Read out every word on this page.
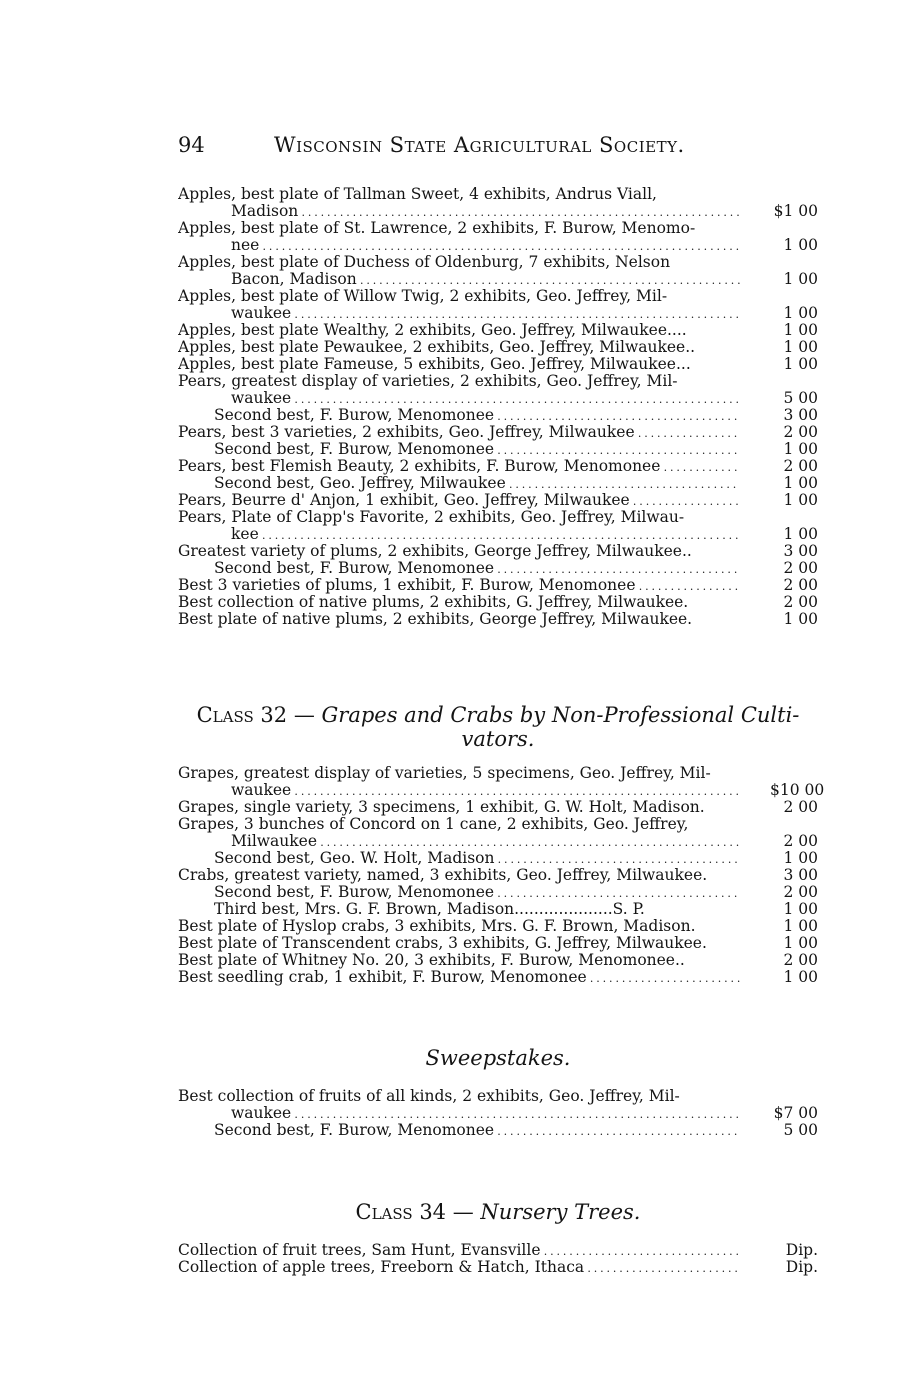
94	Wisconsin State Agricultural Society.
Apples, best plate of Tallman Sweet, 4 exhibits, Andrus Viall,
Madison . . .	$1 00
Apples, best plate of St. Lawrence, 2 exhibits, F. Burow, Menomo-
nee . . .	1 00
Apples, best plate of Duchess of Oldenburg, 7 exhibits, Nelson
Bacon, Madison . . .	1 00
Apples, best plate of Willow Twig, 2 exhibits, Geo. Jeffrey, Mil-
waukee . . .	1 00
Apples, best plate Wealthy, 2 exhibits, Geo. Jeffrey, Milwaukee....	1 00
Apples, best plate Pewaukee, 2 exhibits, Geo. Jeffrey, Milwaukee..	1 00
Apples, best plate Fameuse, 5 exhibits, Geo. Jeffrey, Milwaukee...	1 00
Pears, greatest display of varieties, 2 exhibits, Geo. Jeffrey, Mil-
waukee . . .	5 00
Second best, F. Burow, Menomonee . . .	3 00
Pears, best 3 varieties, 2 exhibits, Geo. Jeffrey, Milwaukee . . .	2 00
Second best, F. Burow, Menomonee . . .	1 00
Pears, best Flemish Beauty, 2 exhibits, F. Burow, Menomonee . . .	2 00
Second best, Geo. Jeffrey, Milwaukee . . .	1 00
Pears, Beurre d' Anjon, 1 exhibit, Geo. Jeffrey, Milwaukee . . .	1 00
Pears, Plate of Clapp's Favorite, 2 exhibits, Geo. Jeffrey, Milwau-
kee . . .	1 00
Greatest variety of plums, 2 exhibits, George Jeffrey, Milwaukee..	3 00
Second best, F. Burow, Menomonee . . .	2 00
Best 3 varieties of plums, 1 exhibit, F. Burow, Menomonee . . .	2 00
Best collection of native plums, 2 exhibits, G. Jeffrey, Milwaukee.	2 00
Best plate of native plums, 2 exhibits, George Jeffrey, Milwaukee.	1 00
Class 32 — Grapes and Crabs by Non-Professional Culti-
vators.
Grapes, greatest display of varieties, 5 specimens, Geo. Jeffrey, Mil-
waukee . . .	$10 00
Grapes, single variety, 3 specimens, 1 exhibit, G. W. Holt, Madison.	2 00
Grapes, 3 bunches of Concord on 1 cane, 2 exhibits, Geo. Jeffrey,
Milwaukee . . .	2 00
Second best, Geo. W. Holt, Madison . . .	1 00
Crabs, greatest variety, named, 3 exhibits, Geo. Jeffrey, Milwaukee.	3 00
Second best, F. Burow, Menomonee . . .	2 00
Third best, Mrs. G. F. Brown, Madison....................S. P.	1 00
Best plate of Hyslop crabs, 3 exhibits, Mrs. G. F. Brown, Madison.	1 00
Best plate of Transcendent crabs, 3 exhibits, G. Jeffrey, Milwaukee.	1 00
Best plate of Whitney No. 20, 3 exhibits, F. Burow, Menomonee..	2 00
Best seedling crab, 1 exhibit, F. Burow, Menomonee . . .	1 00
Sweepstakes.
Best collection of fruits of all kinds, 2 exhibits, Geo. Jeffrey, Mil-
waukee . . .	$7 00
Second best, F. Burow, Menomonee . . .	5 00
Class 34 — Nursery Trees.
Collection of fruit trees, Sam Hunt, Evansville . . .	Dip.
Collection of apple trees, Freeborn & Hatch, Ithaca . . .	Dip.
